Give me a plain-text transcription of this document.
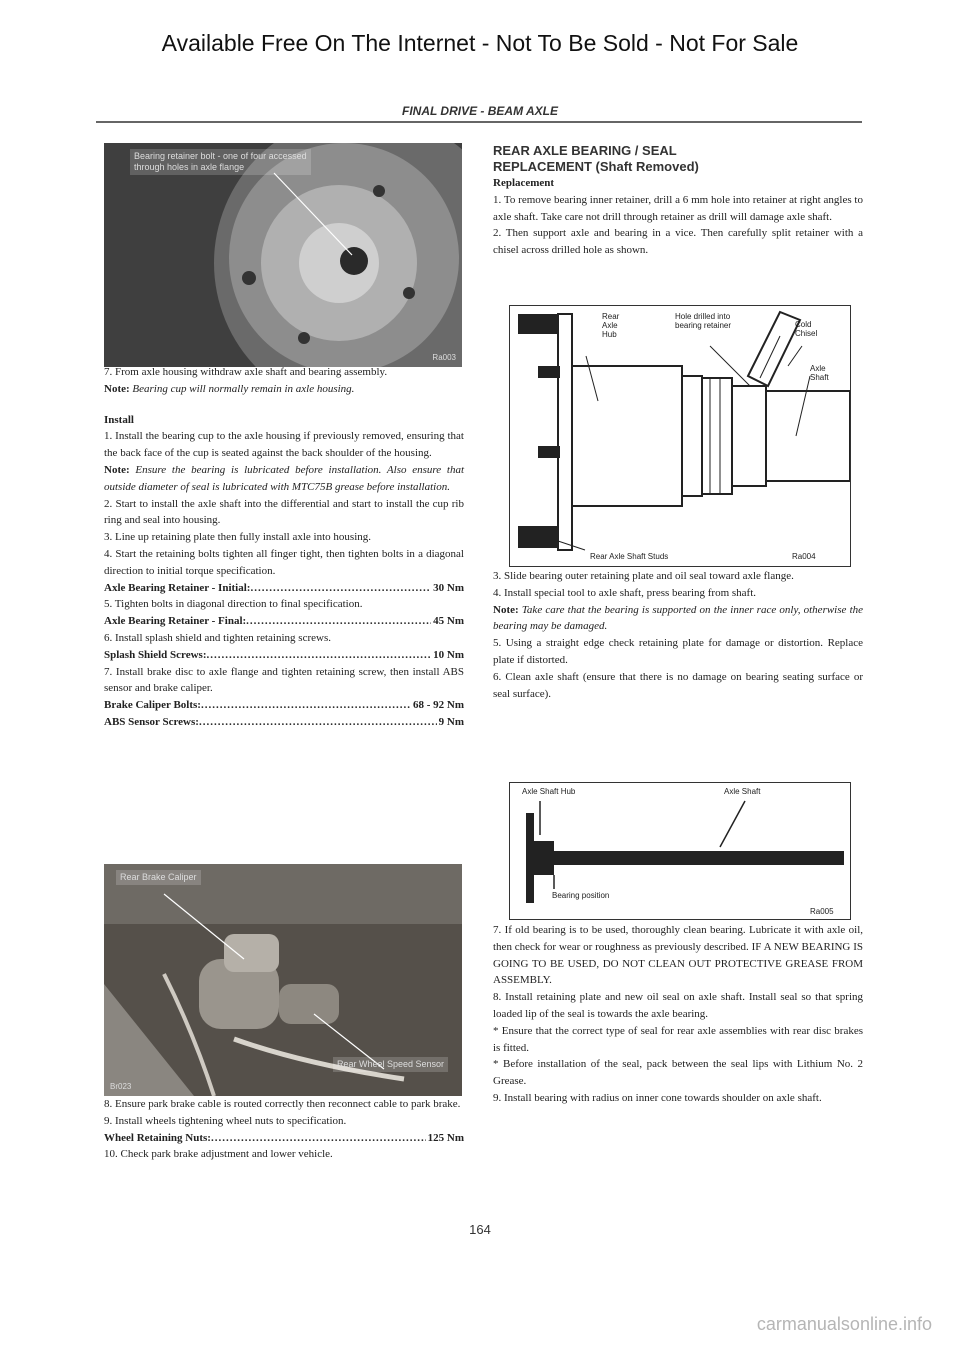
Available Free On The Internet - Not To Be Sold - Not For Sale
FINAL DRIVE - BEAM AXLE
Bearing retainer bolt - one of four accessed
through holes in axle flange
Ra003

7. From axle housing withdraw axle shaft and bearing assembly.

Note: Bearing cup will normally remain in axle housing.

Install

1. Install the bearing cup to the axle housing if previously removed, ensuring that the back face of the cup is seated against the back shoulder of the housing.

Note: Ensure the bearing is lubricated before installation. Also ensure that outside diameter of seal is lubricated with MTC75B grease before installation.

2. Start to install the axle shaft into the differential and start to install the cup rib ring and seal into housing.

3. Line up retaining plate then fully install axle into housing.

4. Start the retaining bolts tighten all finger tight, then tighten bolts in a diagonal direction to initial torque specification.

Axle Bearing Retainer - Initial: .....	30 Nm

5. Tighten bolts in diagonal direction to final specification.

Axle Bearing Retainer - Final: .....	45 Nm

6. Install splash shield and tighten retaining screws.

Splash Shield Screws: .....	10 Nm

7. Install brake disc to axle flange and tighten retaining screw, then install ABS sensor and brake caliper.

Brake Caliper Bolts: .....	68 - 92 Nm
ABS Sensor Screws: .....	9 Nm
Rear Brake Caliper
Rear Wheel Speed Sensor
Br023

8. Ensure park brake cable is routed correctly then reconnect cable to park brake.

9. Install wheels tightening wheel nuts to specification.

Wheel Retaining Nuts: .....	125 Nm

10. Check park brake adjustment and lower vehicle.

REAR AXLE BEARING / SEAL
REPLACEMENT (Shaft Removed)

Replacement

1. To remove bearing inner retainer, drill a 6 mm hole into retainer at right angles to axle shaft. Take care not drill through retainer as drill will damage axle shaft.

2. Then support axle and bearing in a vice. Then carefully split retainer with a chisel across drilled hole as shown.

Rear
Axle
Hub
Hole drilled into
bearing retainer	Cold
Chisel
Axle
Shaft
Rear Axle Shaft Studs	Ra004

3. Slide bearing outer retaining plate and oil seal toward axle flange.

4. Install special tool to axle shaft, press bearing from shaft.

Note: Take care that the bearing is supported on the inner race only, otherwise the bearing may be damaged.

5. Using a straight edge check retaining plate for damage or distortion. Replace plate if distorted.

6. Clean axle shaft (ensure that there is no damage on bearing seating surface or seal surface).

Axle Shaft Hub	Axle Shaft
Bearing position
Ra005

7. If old bearing is to be used, thoroughly clean bearing. Lubricate it with axle oil, then check for wear or roughness as previously described. IF A NEW BEARING IS GOING TO BE USED, DO NOT CLEAN OUT PROTECTIVE GREASE FROM ASSEMBLY.

8. Install retaining plate and new oil seal on axle shaft. Install seal so that spring loaded lip of the seal is towards the axle bearing.

* Ensure that the correct type of seal for rear axle assemblies with rear disc brakes is fitted.

* Before installation of the seal, pack between the seal lips with Lithium No. 2 Grease.

9. Install bearing with radius on inner cone towards shoulder on axle shaft.

164
carmanualsonline.info
